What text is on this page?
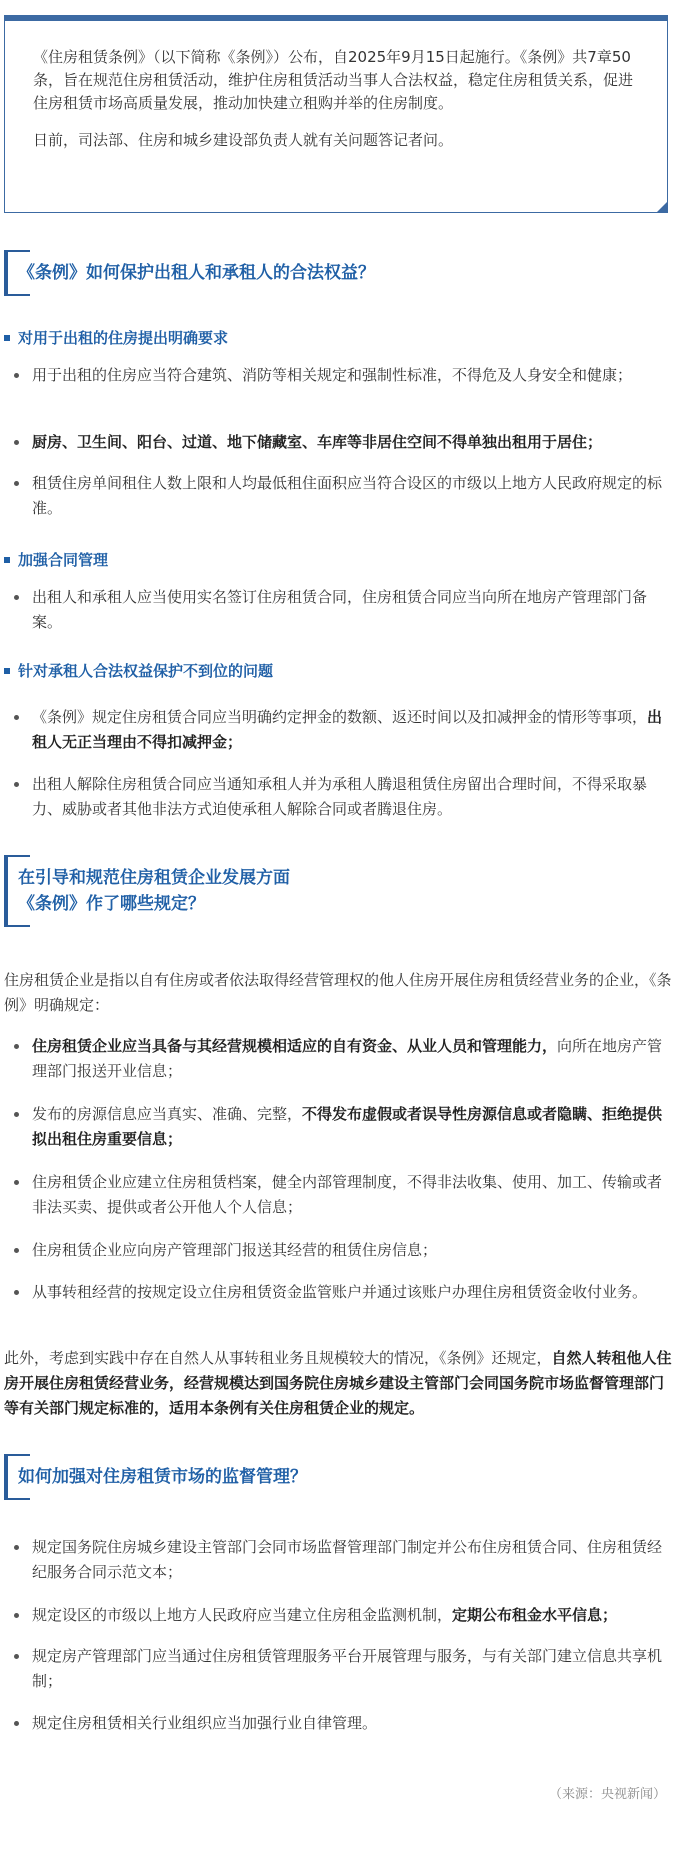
《住房租赁条例》（以下简称《条例》）公布，自2025年9月15日起施行。《条例》共7章50条，旨在规范住房租赁活动，维护住房租赁活动当事人合法权益，稳定住房租赁关系，促进住房租赁市场高质量发展，推动加快建立租购并举的住房制度。

日前，司法部、住房和城乡建设部负责人就有关问题答记者问。

《条例》如何保护出租人和承租人的合法权益？
对用于出租的住房提出明确要求
用于出租的住房应当符合建筑、消防等相关规定和强制性标准，不得危及人身安全和健康；
厨房、卫生间、阳台、过道、地下储藏室、车库等非居住空间不得单独出租用于居住；
租赁住房单间租住人数上限和人均最低租住面积应当符合设区的市级以上地方人民政府规定的标准。
加强合同管理
出租人和承租人应当使用实名签订住房租赁合同，住房租赁合同应当向所在地房产管理部门备案。
针对承租人合法权益保护不到位的问题
《条例》规定住房租赁合同应当明确约定押金的数额、返还时间以及扣减押金的情形等事项，出租人无正当理由不得扣减押金；
出租人解除住房租赁合同应当通知承租人并为承租人腾退租赁住房留出合理时间，不得采取暴力、威胁或者其他非法方式迫使承租人解除合同或者腾退住房。
在引导和规范住房租赁企业发展方面
《条例》作了哪些规定？
住房租赁企业是指以自有住房或者依法取得经营管理权的他人住房开展住房租赁经营业务的企业，《条例》明确规定：
住房租赁企业应当具备与其经营规模相适应的自有资金、从业人员和管理能力，向所在地房产管理部门报送开业信息；
发布的房源信息应当真实、准确、完整，不得发布虚假或者误导性房源信息或者隐瞒、拒绝提供拟出租住房重要信息；
住房租赁企业应建立住房租赁档案，健全内部管理制度，不得非法收集、使用、加工、传输或者非法买卖、提供或者公开他人个人信息；
住房租赁企业应向房产管理部门报送其经营的租赁住房信息；
从事转租经营的按规定设立住房租赁资金监管账户并通过该账户办理住房租赁资金收付业务。
此外，考虑到实践中存在自然人从事转租业务且规模较大的情况，《条例》还规定，自然人转租他人住房开展住房租赁经营业务，经营规模达到国务院住房城乡建设主管部门会同国务院市场监督管理部门等有关部门规定标准的，适用本条例有关住房租赁企业的规定。
如何加强对住房租赁市场的监督管理？
规定国务院住房城乡建设主管部门会同市场监督管理部门制定并公布住房租赁合同、住房租赁经纪服务合同示范文本；
规定设区的市级以上地方人民政府应当建立住房租金监测机制，定期公布租金水平信息；
规定房产管理部门应当通过住房租赁管理服务平台开展管理与服务，与有关部门建立信息共享机制；
规定住房租赁相关行业组织应当加强行业自律管理。
（来源：央视新闻）
